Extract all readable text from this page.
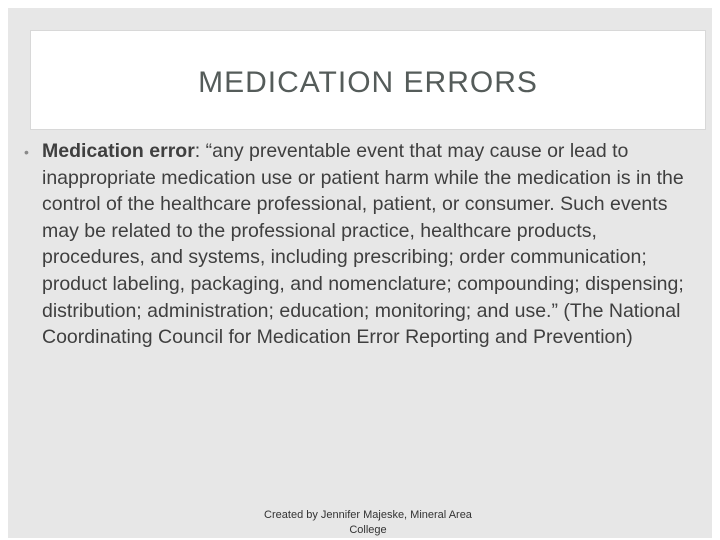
MEDICATION ERRORS
• Medication error: “any preventable event that may cause or lead to inappropriate medication use or patient harm while the medication is in the control of the healthcare professional, patient, or consumer. Such events may be related to the professional practice, healthcare products, procedures, and systems, including prescribing; order communication; product labeling, packaging, and nomenclature; compounding; dispensing; distribution; administration; education; monitoring; and use.” (The National Coordinating Council for Medication Error Reporting and Prevention)
Created by Jennifer Majeske, Mineral Area College
